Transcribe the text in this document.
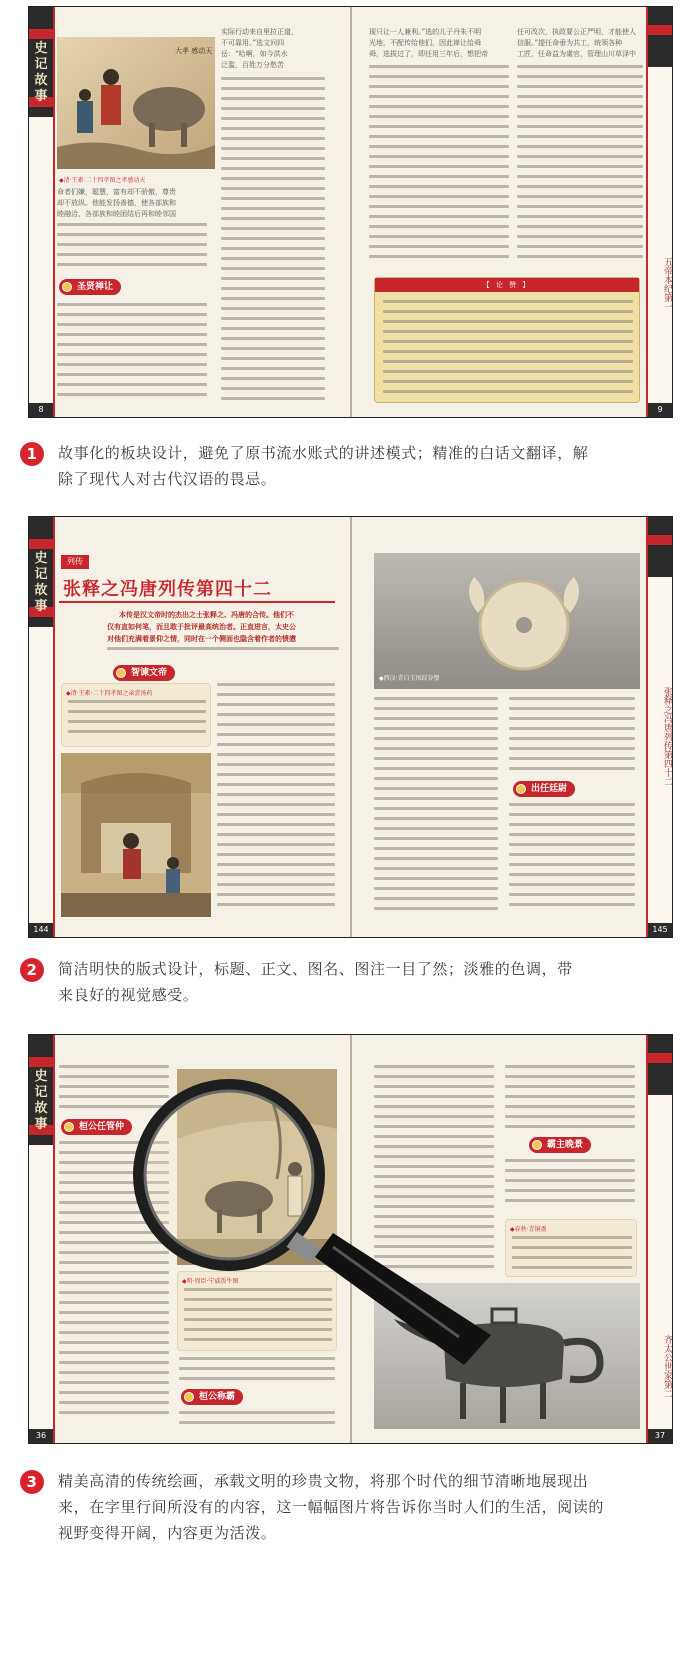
史记故事
8
五帝本纪第一
9
大孝 感动天
◆清·王素·二十四孝图之孝感动天
命者们嫌，聪慧，富有却不骄傲，尊贵
却不放纵。他能发扬善德，使各部族和
睦融洽，各部族和睦团结后再和睦邻国
圣贤禅让
实际行动来自里拉正道，
不可靠用。”选文问四
岳：“哈啊，如今洪水
泛滥，百姓万分愁苦
现只让一人兼利。”选的儿子丹朱不明
光地，不配传给他们，因此禅让给舜
舜，选拔过了，即任用三年后，想把帝
任可改次，执政要公正严明，才能使人
信服。”提任命垂为共工，统领各种
工匠，任命益为虞官，管理山川草泽中
【 论 赞 】
1	故事化的板块设计，避免了原书流水账式的讲述模式；精准的白话文翻译，解
除了现代人对古代汉语的畏忌。
史记故事
144
张释之冯唐列传第四十二
145
列传
张释之冯唐列传第四十二
本传是汉文帝时的杰出之士张释之、冯唐的合传。他们不
仅有直如何笔，而且敢于批评最高统治者。正直进言，太史公
对他们充满着景仰之情，同时在一个侧面也隐含着作者的愤懑
智谏文帝
◆清·王素·二十四孝图之亲尝汤药
◆西汉·青白玉凤纹谷璧
出任廷尉
2	简洁明快的版式设计，标题、正文、图名、图注一目了然；淡雅的色调，带
来良好的视觉感受。
史记故事
36
齐太公世家第二
37
桓公任管仲
◆明·周臣·宁戚饭牛图
桓公称霸
霸主晚景
◆春秋·青铜盉
3	精美高清的传统绘画，承载文明的珍贵文物，将那个时代的细节清晰地展现出
来，在字里行间所没有的内容，这一幅幅图片将告诉你当时人们的生活，阅读的
视野变得开阔，内容更为活泼。
